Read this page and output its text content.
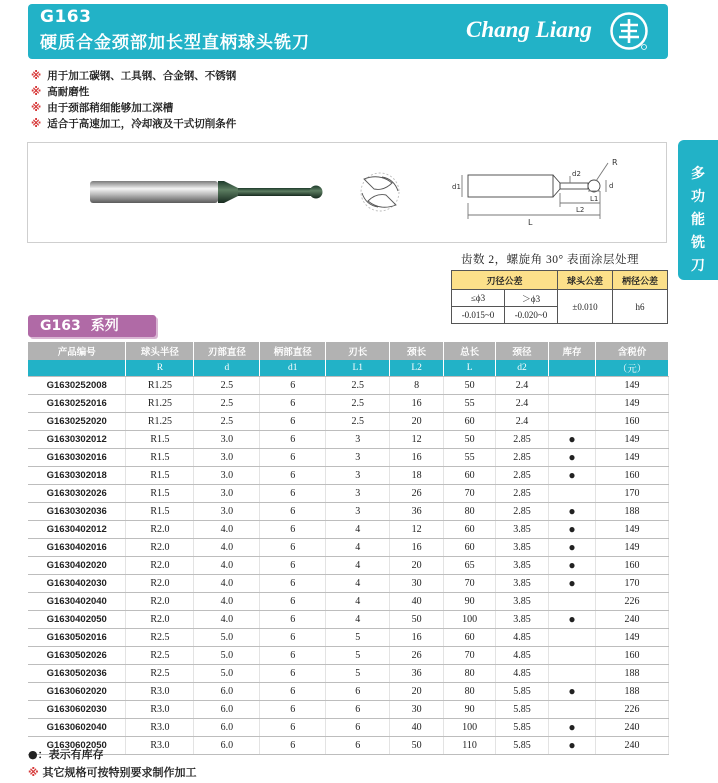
G163
硬质合金颈部加长型直柄球头铣刀
Chang Liang
多
功
能
铣
刀
※ 用于加工碳钢、工具钢、合金钢、不锈钢
※ 高耐磨性
※ 由于颈部稍细能够加工深槽
※ 适合于高速加工，冷却液及干式切削条件
R
d2
d
d1
L1
L2
L
齿数 2，螺旋角 30° 表面涂层处理
刃径公差		球头公差	柄径公差
≤ϕ3	＞ϕ3	±0.010	h6
-0.015~0	-0.020~0		
G163 系列
产品编号	球头半径	刃部直径	柄部直径	刃长	颈长	总长	颈径	库存	含税价
	R	d	d1	L1	L2	L	d2		（元）
G1630252008	R1.25	2.5	6	2.5	8	50	2.4		149
G1630252016	R1.25	2.5	6	2.5	16	55	2.4		149
G1630252020	R1.25	2.5	6	2.5	20	60	2.4		160
G1630302012	R1.5	3.0	6	3	12	50	2.85	●	149
G1630302016	R1.5	3.0	6	3	16	55	2.85	●	149
G1630302018	R1.5	3.0	6	3	18	60	2.85	●	160
G1630302026	R1.5	3.0	6	3	26	70	2.85		170
G1630302036	R1.5	3.0	6	3	36	80	2.85	●	188
G1630402012	R2.0	4.0	6	4	12	60	3.85	●	149
G1630402016	R2.0	4.0	6	4	16	60	3.85	●	149
G1630402020	R2.0	4.0	6	4	20	65	3.85	●	160
G1630402030	R2.0	4.0	6	4	30	70	3.85	●	170
G1630402040	R2.0	4.0	6	4	40	90	3.85		226
G1630402050	R2.0	4.0	6	4	50	100	3.85	●	240
G1630502016	R2.5	5.0	6	5	16	60	4.85		149
G1630502026	R2.5	5.0	6	5	26	70	4.85		160
G1630502036	R2.5	5.0	6	5	36	80	4.85		188
G1630602020	R3.0	6.0	6	6	20	80	5.85	●	188
G1630602030	R3.0	6.0	6	6	30	90	5.85		226
G1630602040	R3.0	6.0	6	6	40	100	5.85	●	240
G1630602050	R3.0	6.0	6	6	50	110	5.85	●	240
●：表示有库存
※ 其它规格可按特别要求制作加工
